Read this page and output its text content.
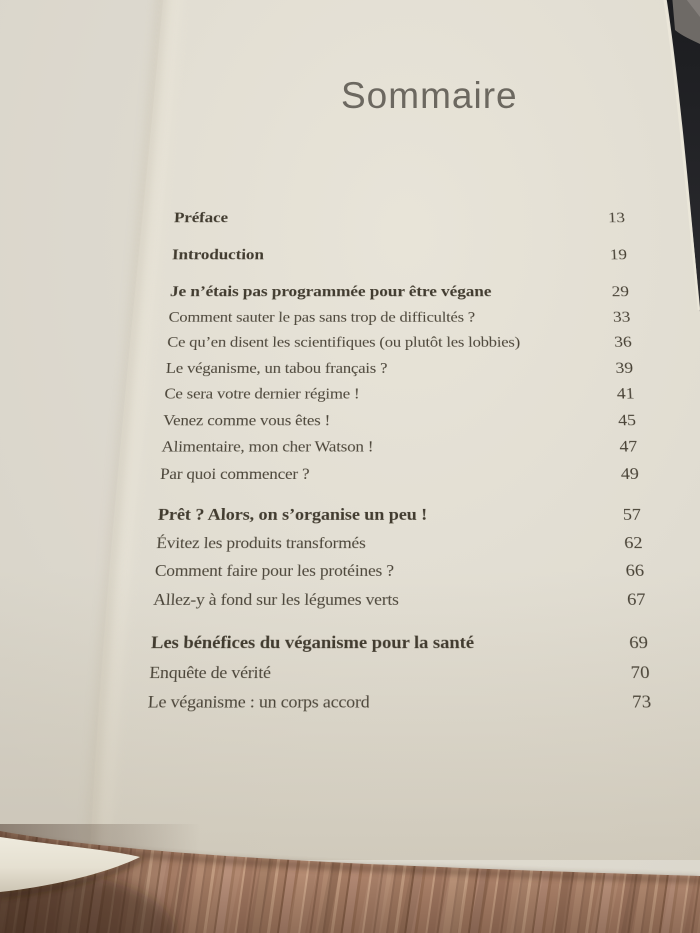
Sommaire
Préface	13
Introduction	19
Je n’étais pas programmée pour être végane	29
Comment sauter le pas sans trop de difficultés ?	33
Ce qu’en disent les scientifiques (ou plutôt les lobbies)	36
Le véganisme, un tabou français ?	39
Ce sera votre dernier régime !	41
Venez comme vous êtes !	45
Alimentaire, mon cher Watson !	47
Par quoi commencer ?	49
Prêt ? Alors, on s’organise un peu !	57
Évitez les produits transformés	62
Comment faire pour les protéines ?	66
Allez-y à fond sur les légumes verts	67
Les bénéfices du véganisme pour la santé	69
Enquête de vérité	70
Le véganisme : un corps accord	73
